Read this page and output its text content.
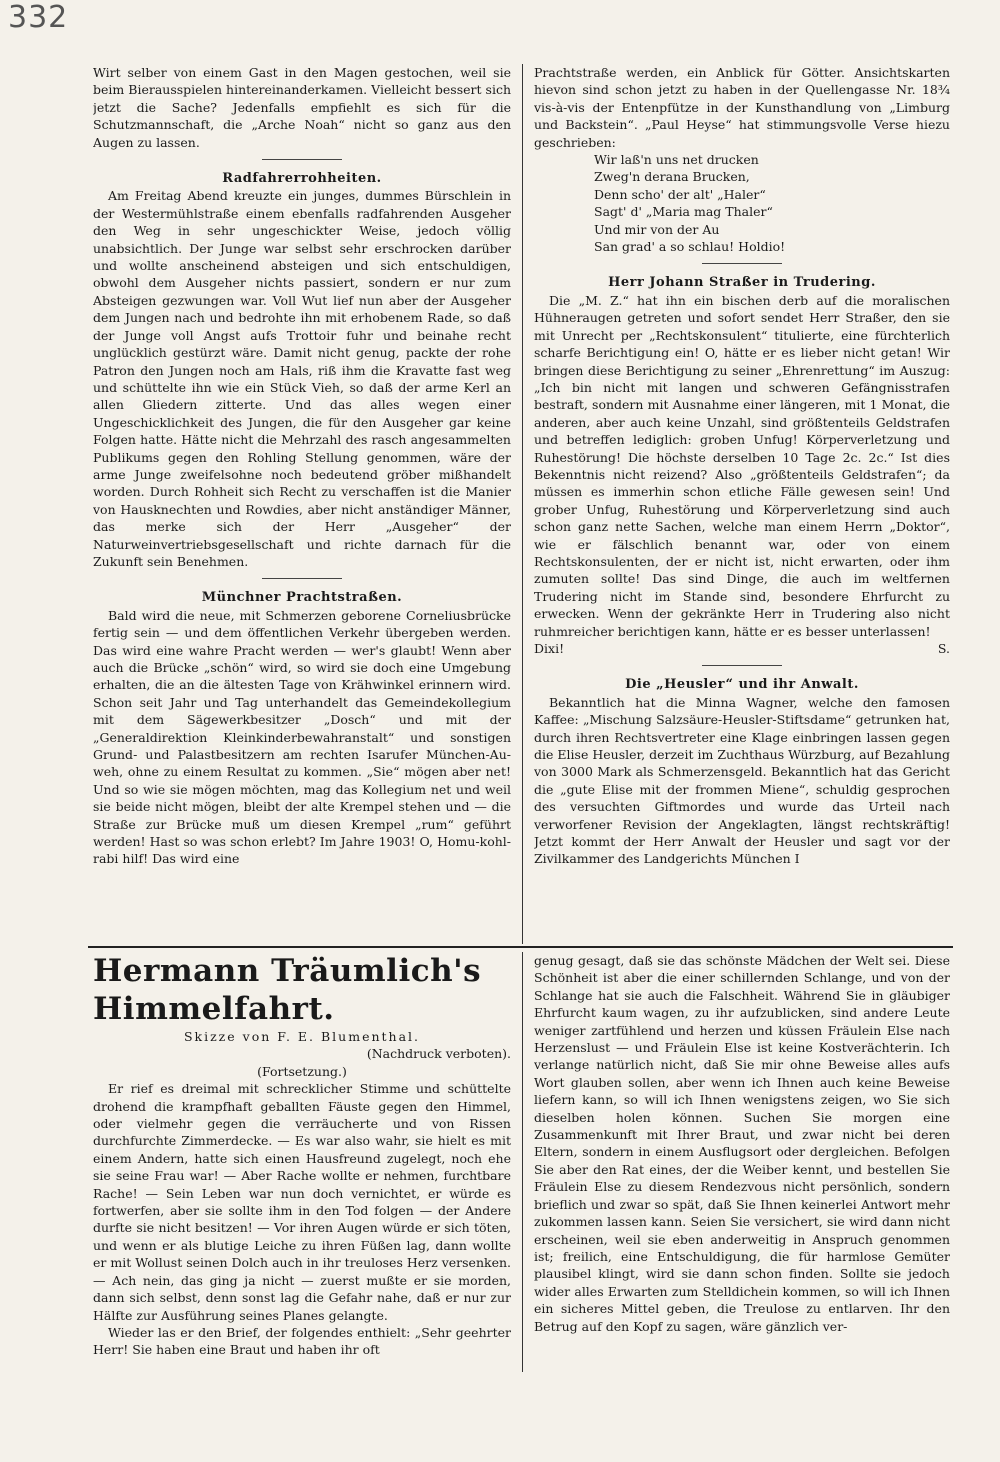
332

Wirt selber von einem Gast in den Magen gestochen, weil sie beim Bierausspielen hintereinanderkamen. Vielleicht bessert sich jetzt die Sache? Jedenfalls empfiehlt es sich für die Schutzmannschaft, die „Arche Noah“ nicht so ganz aus den Augen zu lassen.

Radfahrerrohheiten.

Am Freitag Abend kreuzte ein junges, dummes Bürschlein in der Westermühlstraße einem ebenfalls radfahrenden Ausgeher den Weg in sehr ungeschickter Weise, jedoch völlig unabsichtlich. Der Junge war selbst sehr erschrocken darüber und wollte anscheinend absteigen und sich entschuldigen, obwohl dem Ausgeher nichts passiert, sondern er nur zum Absteigen gezwungen war. Voll Wut lief nun aber der Ausgeher dem Jungen nach und bedrohte ihn mit erhobenem Rade, so daß der Junge voll Angst aufs Trottoir fuhr und beinahe recht unglücklich gestürzt wäre. Damit nicht genug, packte der rohe Patron den Jungen noch am Hals, riß ihm die Kravatte fast weg und schüttelte ihn wie ein Stück Vieh, so daß der arme Kerl an allen Gliedern zitterte. Und das alles wegen einer Ungeschicklichkeit des Jungen, die für den Ausgeher gar keine Folgen hatte. Hätte nicht die Mehrzahl des rasch angesammelten Publikums gegen den Rohling Stellung genommen, wäre der arme Junge zweifelsohne noch bedeutend gröber mißhandelt worden. Durch Rohheit sich Recht zu verschaffen ist die Manier von Hausknechten und Rowdies, aber nicht anständiger Männer, das merke sich der Herr „Ausgeher“ der Naturweinvertriebsgesellschaft und richte darnach für die Zukunft sein Benehmen.

Münchner Prachtstraßen.

Bald wird die neue, mit Schmerzen geborene Corneliusbrücke fertig sein — und dem öffentlichen Verkehr übergeben werden. Das wird eine wahre Pracht werden — wer's glaubt! Wenn aber auch die Brücke „schön“ wird, so wird sie doch eine Umgebung erhalten, die an die ältesten Tage von Krähwinkel erinnern wird. Schon seit Jahr und Tag unterhandelt das Gemeindekollegium mit dem Sägewerkbesitzer „Dosch“ und mit der „Generaldirektion Kleinkinderbewahranstalt“ und sonstigen Grund- und Palastbesitzern am rechten Isarufer München-Au-weh, ohne zu einem Resultat zu kommen. „Sie“ mögen aber net! Und so wie sie mögen möchten, mag das Kollegium net und weil sie beide nicht mögen, bleibt der alte Krempel stehen und — die Straße zur Brücke muß um diesen Krempel „rum“ geführt werden! Hast so was schon erlebt? Im Jahre 1903! O, Homu-kohl-rabi hilf! Das wird eine

Prachtstraße werden, ein Anblick für Götter. Ansichtskarten hievon sind schon jetzt zu haben in der Quellengasse Nr. 18¾ vis-à-vis der Entenpfütze in der Kunsthandlung von „Limburg und Backstein“. „Paul Heyse“ hat stimmungsvolle Verse hiezu geschrieben:

Wir laß'n uns net drucken
Zweg'n derana Brucken,
Denn scho' der alt' „Haler“
Sagt' d' „Maria mag Thaler“
Und mir von der Au
San grad' a so schlau! Holdio!
Herr Johann Straßer in Trudering.

Die „M. Z.“ hat ihn ein bischen derb auf die moralischen Hühneraugen getreten und sofort sendet Herr Straßer, den sie mit Unrecht per „Rechtskonsulent“ titulierte, eine fürchterlich scharfe Berichtigung ein! O, hätte er es lieber nicht getan! Wir bringen diese Berichtigung zu seiner „Ehrenrettung“ im Auszug: „Ich bin nicht mit langen und schweren Gefängnisstrafen bestraft, sondern mit Ausnahme einer längeren, mit 1 Monat, die anderen, aber auch keine Unzahl, sind größtenteils Geldstrafen und betreffen lediglich: groben Unfug! Körperverletzung und Ruhestörung! Die höchste derselben 10 Tage 2c. 2c.“ Ist dies Bekenntnis nicht reizend? Also „größtenteils Geldstrafen“; da müssen es immerhin schon etliche Fälle gewesen sein! Und grober Unfug, Ruhestörung und Körperverletzung sind auch schon ganz nette Sachen, welche man einem Herrn „Doktor“, wie er fälschlich benannt war, oder von einem Rechtskonsulenten, der er nicht ist, nicht erwarten, oder ihm zumuten sollte! Das sind Dinge, die auch im weltfernen Trudering nicht im Stande sind, besondere Ehrfurcht zu erwecken. Wenn der gekränkte Herr in Trudering also nicht ruhmreicher berichtigen kann, hätte er es besser unterlassen!

Dixi!	S.
Die „Heusler“ und ihr Anwalt.

Bekanntlich hat die Minna Wagner, welche den famosen Kaffee: „Mischung Salzsäure-Heusler-Stiftsdame“ getrunken hat, durch ihren Rechtsvertreter eine Klage einbringen lassen gegen die Elise Heusler, derzeit im Zuchthaus Würzburg, auf Bezahlung von 3000 Mark als Schmerzensgeld. Bekanntlich hat das Gericht die „gute Elise mit der frommen Miene“, schuldig gesprochen des versuchten Giftmordes und wurde das Urteil nach verworfener Revision der Angeklagten, längst rechtskräftig! Jetzt kommt der Herr Anwalt der Heusler und sagt vor der Zivilkammer des Landgerichts München I

Hermann Träumlich's Himmelfahrt.

Skizze von F. E. Blumenthal.

(Nachdruck verboten).

(Fortsetzung.)

Er rief es dreimal mit schrecklicher Stimme und schüttelte drohend die krampfhaft geballten Fäuste gegen den Himmel, oder vielmehr gegen die verräucherte und von Rissen durchfurchte Zimmerdecke. — Es war also wahr, sie hielt es mit einem Andern, hatte sich einen Hausfreund zugelegt, noch ehe sie seine Frau war! — Aber Rache wollte er nehmen, furchtbare Rache! — Sein Leben war nun doch vernichtet, er würde es fortwerfen, aber sie sollte ihm in den Tod folgen — der Andere durfte sie nicht besitzen! — Vor ihren Augen würde er sich töten, und wenn er als blutige Leiche zu ihren Füßen lag, dann wollte er mit Wollust seinen Dolch auch in ihr treuloses Herz versenken. — Ach nein, das ging ja nicht — zuerst mußte er sie morden, dann sich selbst, denn sonst lag die Gefahr nahe, daß er nur zur Hälfte zur Ausführung seines Planes gelangte.

Wieder las er den Brief, der folgendes enthielt: „Sehr geehrter Herr! Sie haben eine Braut und haben ihr oft

genug gesagt, daß sie das schönste Mädchen der Welt sei. Diese Schönheit ist aber die einer schillernden Schlange, und von der Schlange hat sie auch die Falschheit. Während Sie in gläubiger Ehrfurcht kaum wagen, zu ihr aufzublicken, sind andere Leute weniger zartfühlend und herzen und küssen Fräulein Else nach Herzenslust — und Fräulein Else ist keine Kostverächterin. Ich verlange natürlich nicht, daß Sie mir ohne Beweise alles aufs Wort glauben sollen, aber wenn ich Ihnen auch keine Beweise liefern kann, so will ich Ihnen wenigstens zeigen, wo Sie sich dieselben holen können. Suchen Sie morgen eine Zusammenkunft mit Ihrer Braut, und zwar nicht bei deren Eltern, sondern in einem Ausflugsort oder dergleichen. Befolgen Sie aber den Rat eines, der die Weiber kennt, und bestellen Sie Fräulein Else zu diesem Rendezvous nicht persönlich, sondern brieflich und zwar so spät, daß Sie Ihnen keinerlei Antwort mehr zukommen lassen kann. Seien Sie versichert, sie wird dann nicht erscheinen, weil sie eben anderweitig in Anspruch genommen ist; freilich, eine Entschuldigung, die für harmlose Gemüter plausibel klingt, wird sie dann schon finden. Sollte sie jedoch wider alles Erwarten zum Stelldichein kommen, so will ich Ihnen ein sicheres Mittel geben, die Treulose zu entlarven. Ihr den Betrug auf den Kopf zu sagen, wäre gänzlich ver-
